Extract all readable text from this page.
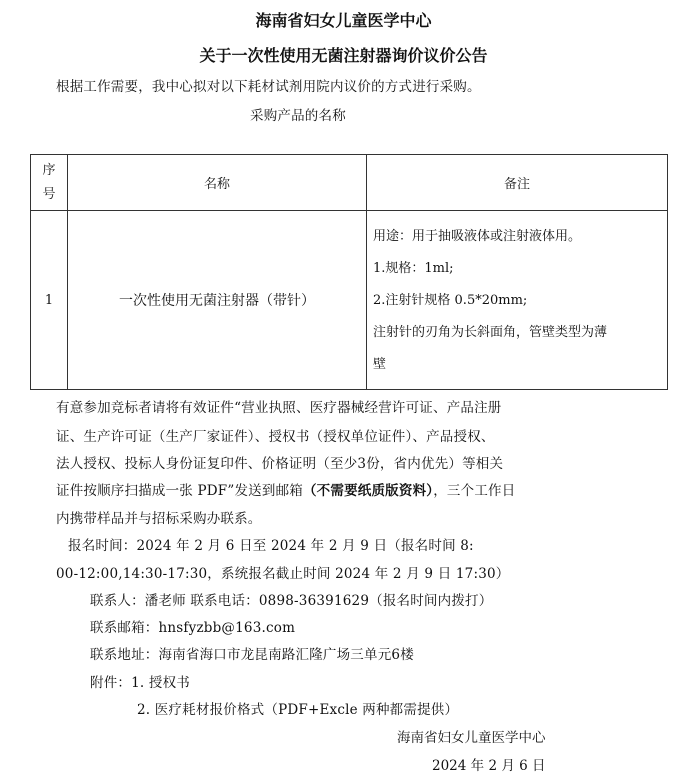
海南省妇女儿童医学中心
关于一次性使用无菌注射器询价议价公告
根据工作需要，我中心拟对以下耗材试剂用院内议价的方式进行采购。
采购产品的名称
序
号	名称	备注
1	一次性使用无菌注射器（带针）	用途：用于抽吸液体或注射液体用。
1.规格：1ml;
2.注射针规格 0.5*20mm;
注射针的刃角为长斜面角，管壁类型为薄
壁
有意参加竞标者请将有效证件“营业执照、医疗器械经营许可证、产品注册
证、生产许可证（生产厂家证件）、授权书（授权单位证件）、产品授权、
法人授权、投标人身份证复印件、价格证明（至少3份，省内优先）等相关
证件按顺序扫描成一张 PDF”发送到邮箱（不需要纸质版资料），三个工作日
内携带样品并与招标采购办联系。
报名时间：2024 年 2 月 6 日至 2024 年 2 月 9 日（报名时间 8:
00-12:00,14:30-17:30，系统报名截止时间 2024 年 2 月 9 日 17:30）
联系人：潘老师 联系电话：0898-36391629（报名时间内拨打）
联系邮箱：hnsfyzbb@163.com
联系地址：海南省海口市龙昆南路汇隆广场三单元6楼
附件：1. 授权书
2. 医疗耗材报价格式（PDF+Excle 两种都需提供）
海南省妇女儿童医学中心
2024 年 2 月 6 日
